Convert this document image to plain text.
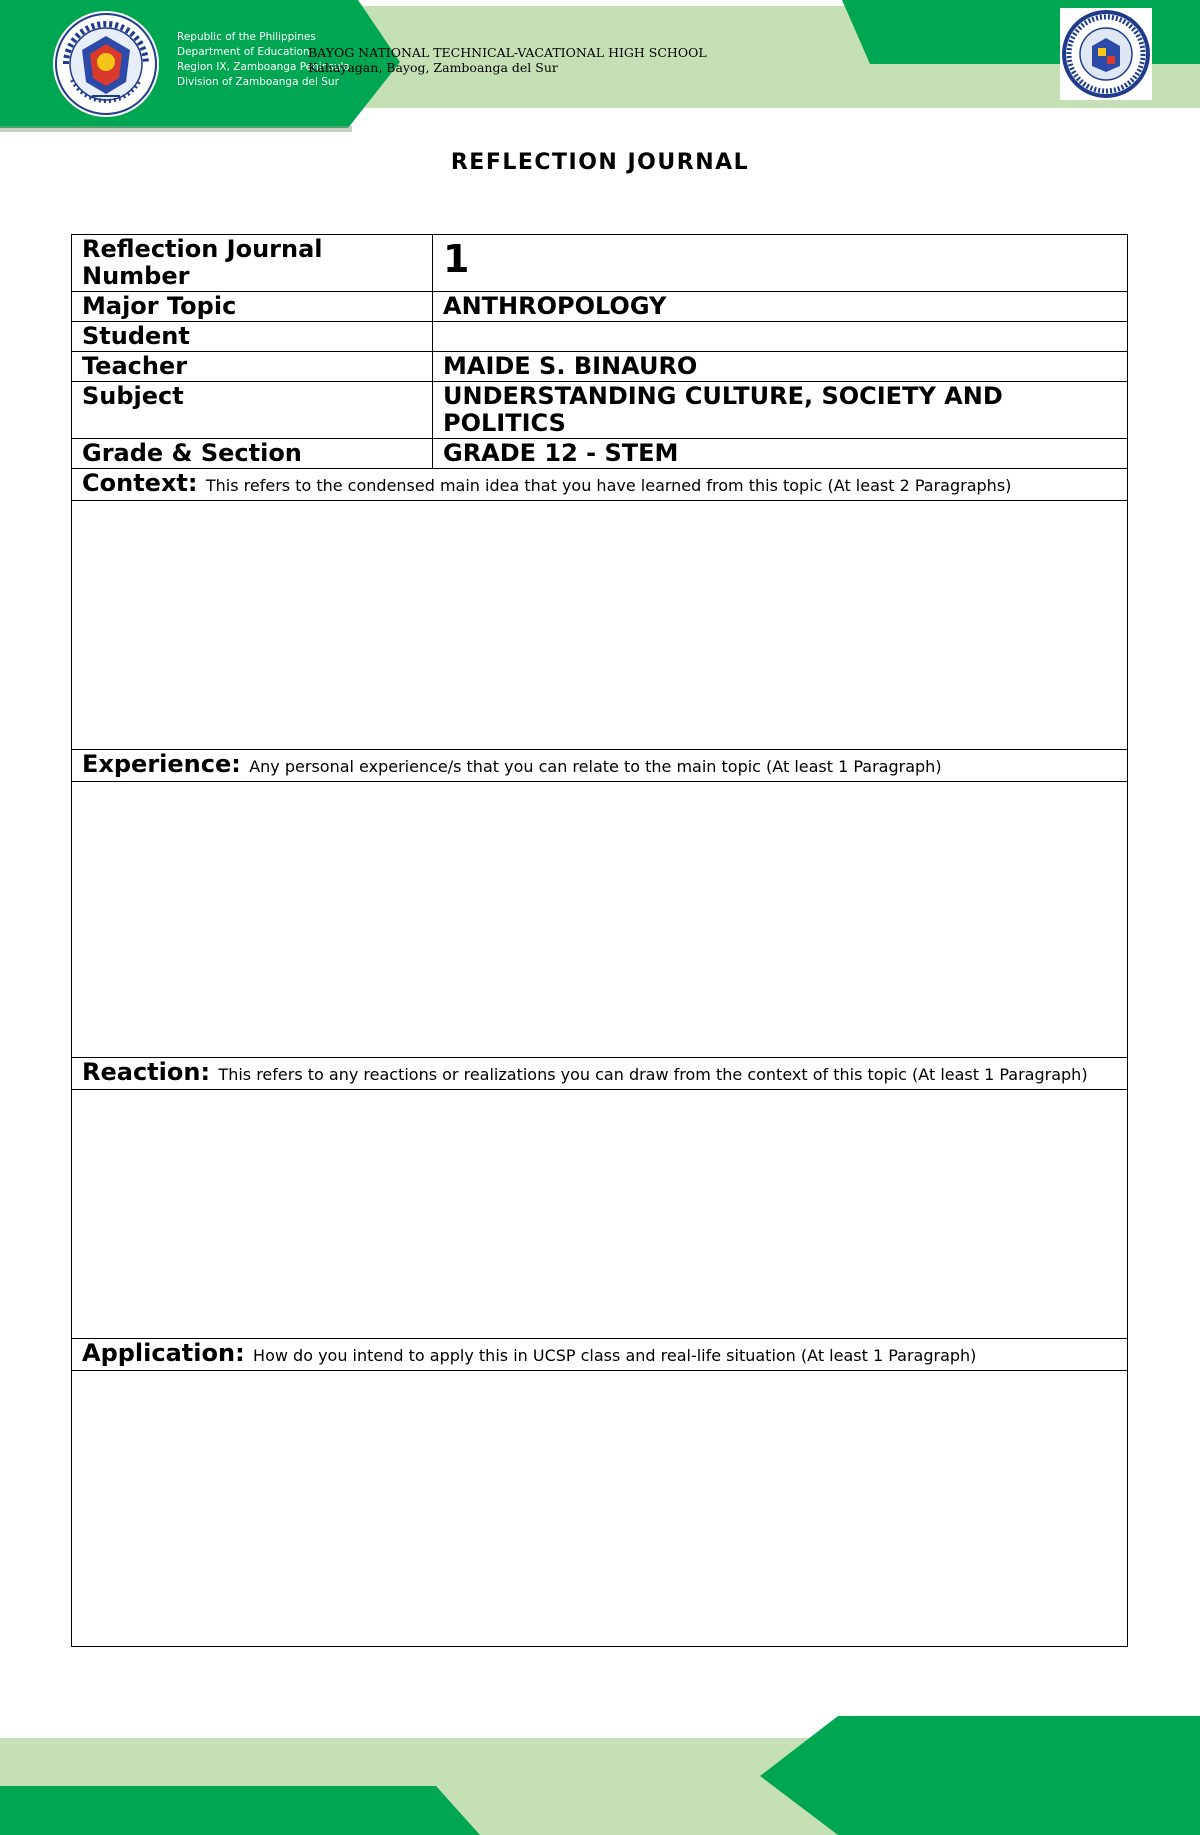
Republic of the Philippines
Department of Education
Region IX, Zamboanga Peninsula
Division of Zamboanga del Sur
BAYOG NATIONAL TECHNICAL-VACATIONAL HIGH SCHOOL
Kahayagan, Bayog, Zamboanga del Sur
REFLECTION JOURNAL
Reflection Journal Number	1
Major Topic	ANTHROPOLOGY
Student	
Teacher	MAIDE S. BINAURO
Subject	UNDERSTANDING CULTURE, SOCIETY AND POLITICS
Grade & Section	GRADE 12 - STEM
Context: This refers to the condensed main idea that you have learned from this topic (At least 2 Paragraphs)	

Experience: Any personal experience/s that you can relate to the main topic (At least 1 Paragraph)	

Reaction: This refers to any reactions or realizations you can draw from the context of this topic (At least 1 Paragraph)	

Application: How do you intend to apply this in UCSP class and real-life situation (At least 1 Paragraph)	
